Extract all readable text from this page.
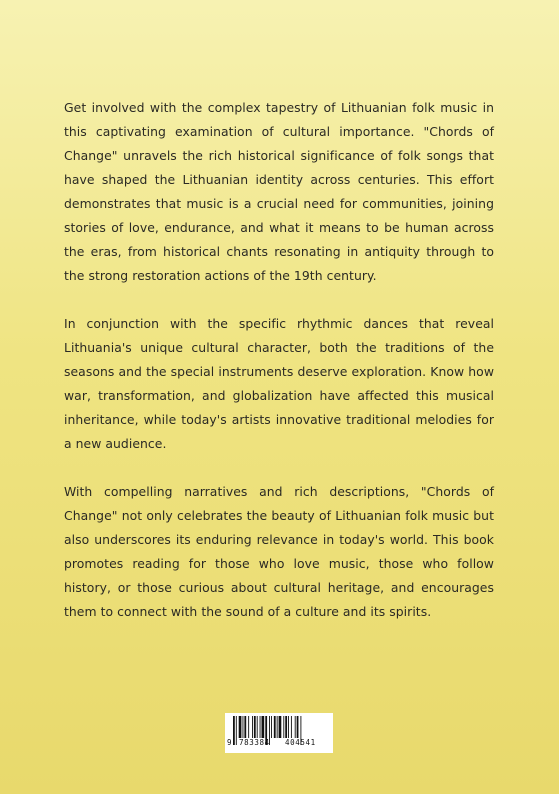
Get involved with the complex tapestry of Lithuanian folk music in this captivating examination of cultural importance. "Chords of Change" unravels the rich historical significance of folk songs that have shaped the Lithuanian identity across centuries. This effort demonstrates that music is a crucial need for communities, joining stories of love, endurance, and what it means to be human across the eras, from historical chants resonating in antiquity through to the strong restoration actions of the 19th century.

In conjunction with the specific rhythmic dances that reveal Lithuania's unique cultural character, both the traditions of the seasons and the special instruments deserve exploration. Know how war, transformation, and globalization have affected this musical inheritance, while today's artists innovative traditional melodies for a new audience.

With compelling narratives and rich descriptions, "Chords of Change" not only celebrates the beauty of Lithuanian folk music but also underscores its enduring relevance in today's world. This book promotes reading for those who love music, those who follow history, or those curious about cultural heritage, and encourages them to connect with the sound of a culture and its spirits.

9 783384 404541
